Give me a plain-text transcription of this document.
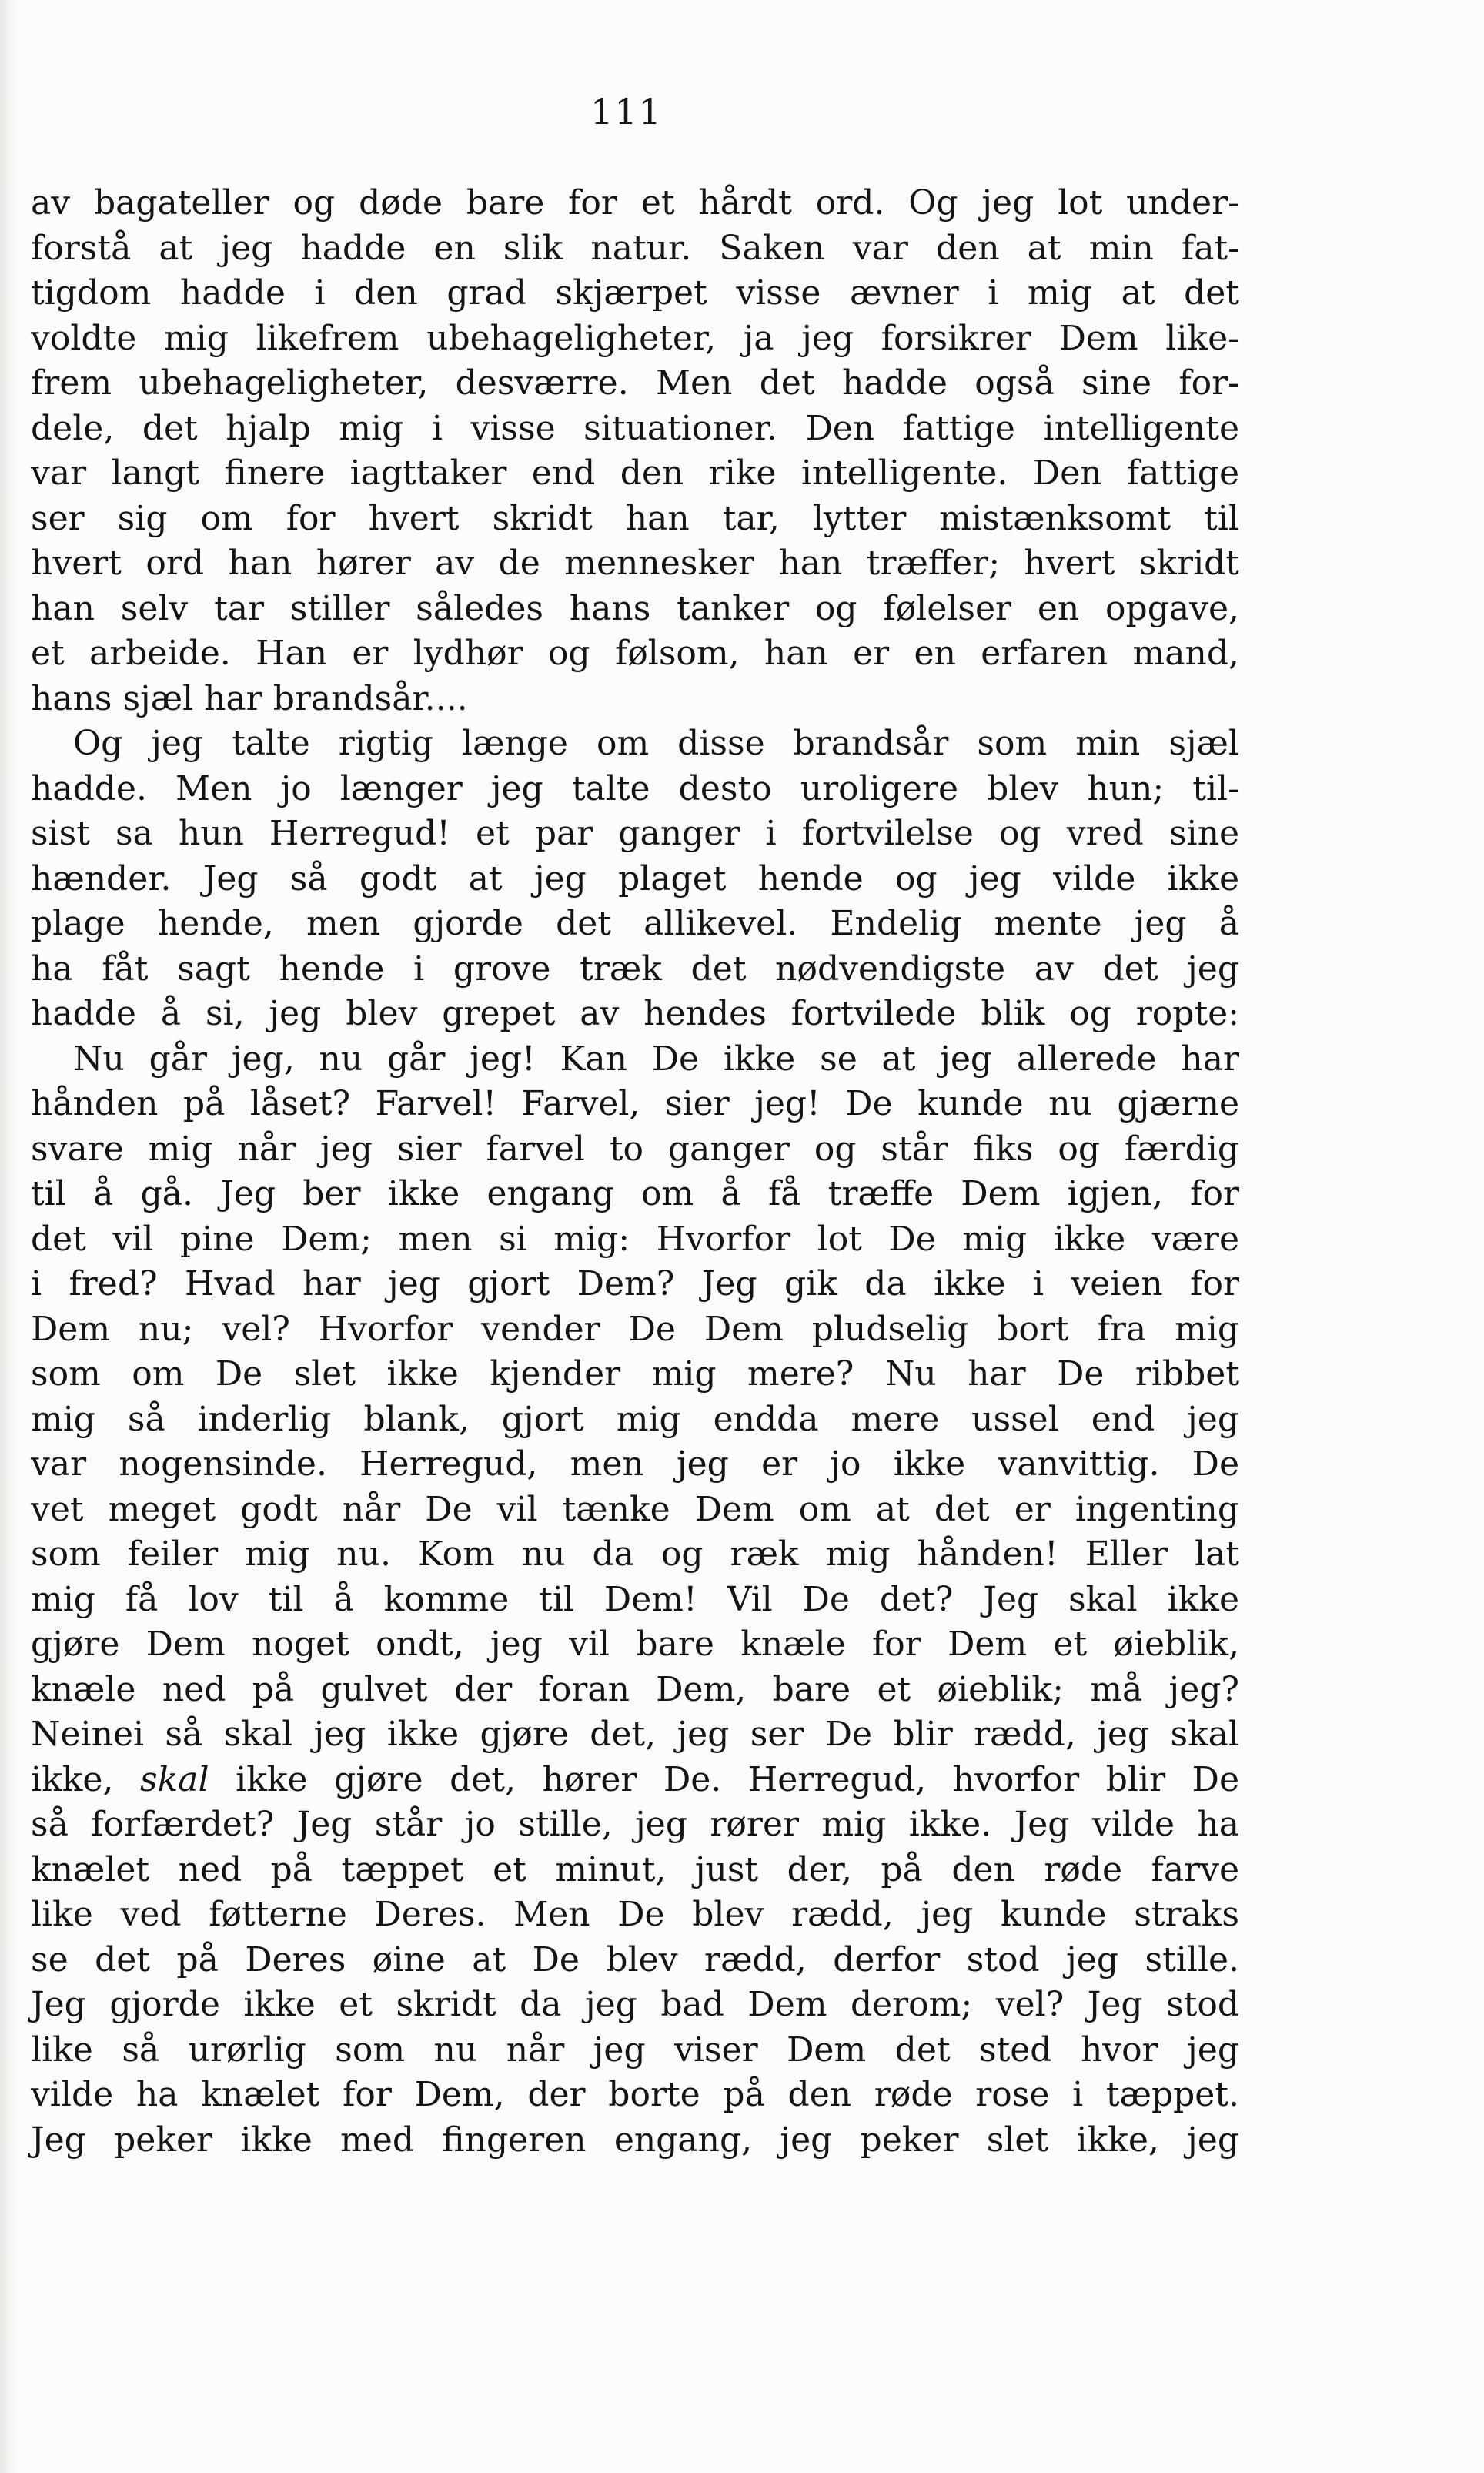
111
av bagateller og døde bare for et hårdt ord. Og jeg lot under-
forstå at jeg hadde en slik natur. Saken var den at min fat-
tigdom hadde i den grad skjærpet visse ævner i mig at det
voldte mig likefrem ubehageligheter, ja jeg forsikrer Dem like-
frem ubehageligheter, desværre. Men det hadde også sine for-
dele, det hjalp mig i visse situationer. Den fattige intelligente
var langt finere iagttaker end den rike intelligente. Den fattige
ser sig om for hvert skridt han tar, lytter mistænksomt til
hvert ord han hører av de mennesker han træffer; hvert skridt
han selv tar stiller således hans tanker og følelser en opgave,
et arbeide. Han er lydhør og følsom, han er en erfaren mand,
hans sjæl har brandsår....
Og jeg talte rigtig længe om disse brandsår som min sjæl
hadde. Men jo længer jeg talte desto uroligere blev hun; til-
sist sa hun Herregud! et par ganger i fortvilelse og vred sine
hænder. Jeg så godt at jeg plaget hende og jeg vilde ikke
plage hende, men gjorde det allikevel. Endelig mente jeg å
ha fåt sagt hende i grove træk det nødvendigste av det jeg
hadde å si, jeg blev grepet av hendes fortvilede blik og ropte:
Nu går jeg, nu går jeg! Kan De ikke se at jeg allerede har
hånden på låset? Farvel! Farvel, sier jeg! De kunde nu gjærne
svare mig når jeg sier farvel to ganger og står fiks og færdig
til å gå. Jeg ber ikke engang om å få træffe Dem igjen, for
det vil pine Dem; men si mig: Hvorfor lot De mig ikke være
i fred? Hvad har jeg gjort Dem? Jeg gik da ikke i veien for
Dem nu; vel? Hvorfor vender De Dem pludselig bort fra mig
som om De slet ikke kjender mig mere? Nu har De ribbet
mig så inderlig blank, gjort mig endda mere ussel end jeg
var nogensinde. Herregud, men jeg er jo ikke vanvittig. De
vet meget godt når De vil tænke Dem om at det er ingenting
som feiler mig nu. Kom nu da og ræk mig hånden! Eller lat
mig få lov til å komme til Dem! Vil De det? Jeg skal ikke
gjøre Dem noget ondt, jeg vil bare knæle for Dem et øieblik,
knæle ned på gulvet der foran Dem, bare et øieblik; må jeg?
Neinei så skal jeg ikke gjøre det, jeg ser De blir rædd, jeg skal
ikke, skal ikke gjøre det, hører De. Herregud, hvorfor blir De
så forfærdet? Jeg står jo stille, jeg rører mig ikke. Jeg vilde ha
knælet ned på tæppet et minut, just der, på den røde farve
like ved føtterne Deres. Men De blev rædd, jeg kunde straks
se det på Deres øine at De blev rædd, derfor stod jeg stille.
Jeg gjorde ikke et skridt da jeg bad Dem derom; vel? Jeg stod
like så urørlig som nu når jeg viser Dem det sted hvor jeg
vilde ha knælet for Dem, der borte på den røde rose i tæppet.
Jeg peker ikke med fingeren engang, jeg peker slet ikke, jeg
